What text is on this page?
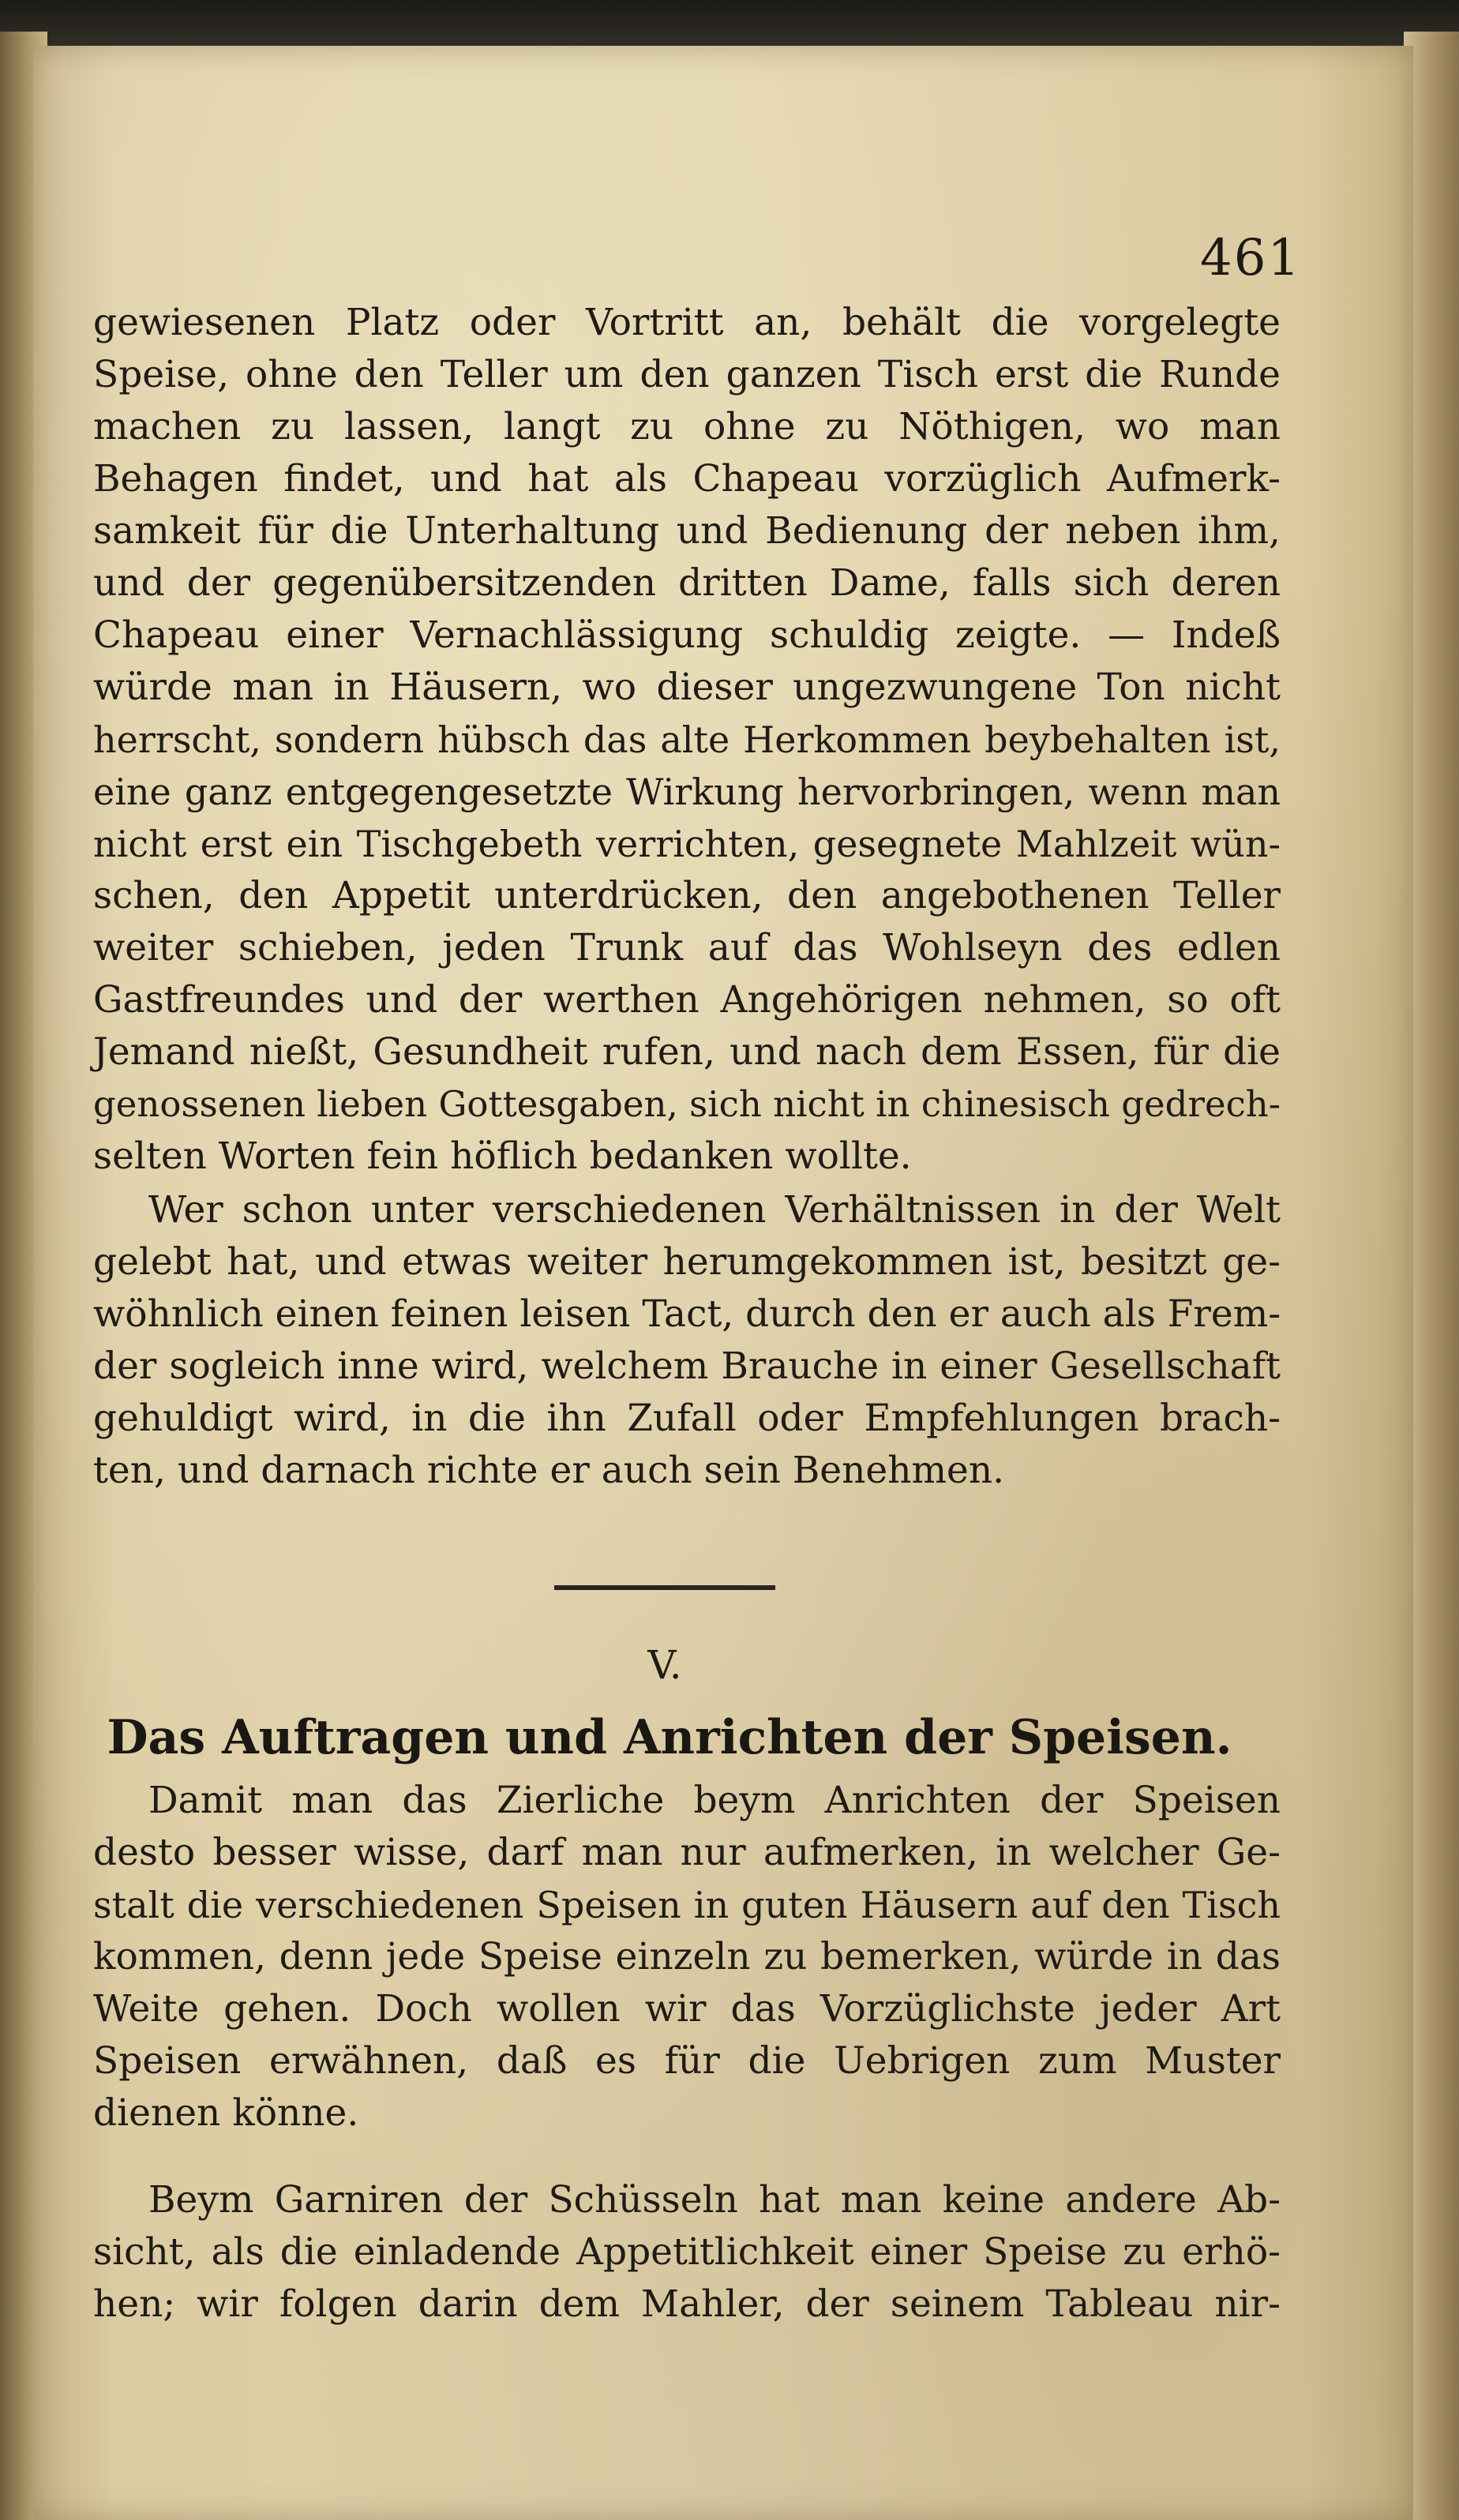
461
gewiesenen Platz oder Vortritt an, behält die vorgelegte
Speise, ohne den Teller um den ganzen Tisch erst die Runde
machen zu lassen, langt zu ohne zu Nöthigen, wo man
Behagen findet, und hat als Chapeau vorzüglich Aufmerk-
samkeit für die Unterhaltung und Bedienung der neben ihm,
und der gegenübersitzenden dritten Dame, falls sich deren
Chapeau einer Vernachlässigung schuldig zeigte. — Indeß
würde man in Häusern, wo dieser ungezwungene Ton nicht
herrscht, sondern hübsch das alte Herkommen beybehalten ist,
eine ganz entgegengesetzte Wirkung hervorbringen, wenn man
nicht erst ein Tischgebeth verrichten, gesegnete Mahlzeit wün-
schen, den Appetit unterdrücken, den angebothenen Teller
weiter schieben, jeden Trunk auf das Wohlseyn des edlen
Gastfreundes und der werthen Angehörigen nehmen, so oft
Jemand nießt, Gesundheit rufen, und nach dem Essen, für die
genossenen lieben Gottesgaben, sich nicht in chinesisch gedrech-
selten Worten fein höflich bedanken wollte.
Wer schon unter verschiedenen Verhältnissen in der Welt
gelebt hat, und etwas weiter herumgekommen ist, besitzt ge-
wöhnlich einen feinen leisen Tact, durch den er auch als Frem-
der sogleich inne wird, welchem Brauche in einer Gesellschaft
gehuldigt wird, in die ihn Zufall oder Empfehlungen brach-
ten, und darnach richte er auch sein Benehmen.
V.
Das Auftragen und Anrichten der Speisen.
Damit man das Zierliche beym Anrichten der Speisen
desto besser wisse, darf man nur aufmerken, in welcher Ge-
stalt die verschiedenen Speisen in guten Häusern auf den Tisch
kommen, denn jede Speise einzeln zu bemerken, würde in das
Weite gehen. Doch wollen wir das Vorzüglichste jeder Art
Speisen erwähnen, daß es für die Uebrigen zum Muster
dienen könne.
Beym Garniren der Schüsseln hat man keine andere Ab-
sicht, als die einladende Appetitlichkeit einer Speise zu erhö-
hen; wir folgen darin dem Mahler, der seinem Tableau nir-
